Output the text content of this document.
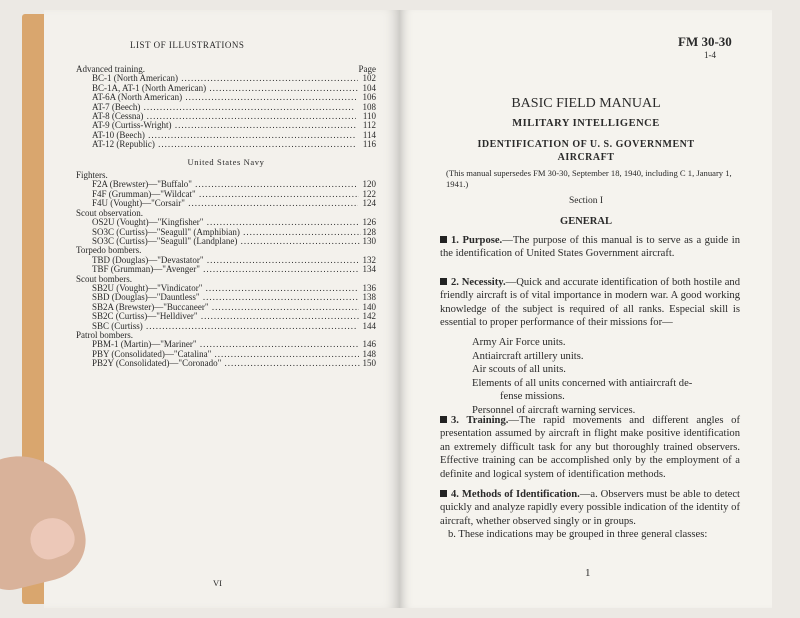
LIST OF ILLUSTRATIONS
Advanced training.	Page
BC-1 (North American) .....	102
BC-1A, AT-1 (North American) .....	104
AT-6A (North American) .....	106
AT-7 (Beech) .....	108
AT-8 (Cessna) .....	110
AT-9 (Curtiss-Wright) .....	112
AT-10 (Beech) .....	114
AT-12 (Republic) .....	116
United States Navy
Fighters.
F2A (Brewster)—"Buffalo" .....	120
F4F (Grumman)—"Wildcat" .....	122
F4U (Vought)—"Corsair" .....	124
Scout observation.
OS2U (Vought)—"Kingfisher" .....	126
SO3C (Curtiss)—"Seagull" (Amphibian) .....	128
SO3C (Curtiss)—"Seagull" (Landplane) .....	130
Torpedo bombers.
TBD (Douglas)—"Devastator" .....	132
TBF (Grumman)—"Avenger" .....	134
Scout bombers.
SB2U (Vought)—"Vindicator" .....	136
SBD (Douglas)—"Dauntless" .....	138
SB2A (Brewster)—"Buccaneer" .....	140
SB2C (Curtiss)—"Helldiver" .....	142
SBC (Curtiss) .....	144
Patrol bombers.
PBM-1 (Martin)—"Mariner" .....	146
PBY (Consolidated)—"Catalina" .....	148
PB2Y (Consolidated)—"Coronado" .....	150
VI
FM 30-30
1-4
BASIC FIELD MANUAL
MILITARY INTELLIGENCE
IDENTIFICATION OF U. S. GOVERNMENT AIRCRAFT
(This manual supersedes FM 30-30, September 18, 1940, including C 1, January 1, 1941.)
Section I
GENERAL
1. Purpose.—The purpose of this manual is to serve as a guide in the identification of United States Government aircraft.
2. Necessity.—Quick and accurate identification of both hostile and friendly aircraft is of vital importance in modern war. A good working knowledge of the subject is required of all ranks. Especial skill is essential to proper performance of their missions for—
Army Air Force units.
Antiaircraft artillery units.
Air scouts of all units.
Elements of all units concerned with antiaircraft de-
fense missions.
Personnel of aircraft warning services.
3. Training.—The rapid movements and different angles of presentation assumed by aircraft in flight make positive identification an extremely difficult task for any but thoroughly trained observers. Effective training can be accomplished only by the employment of a definite and logical system of identification methods.
4. Methods of Identification.—a. Observers must be able to detect quickly and analyze rapidly every possible indication of the identity of aircraft, whether observed singly or in groups.
b. These indications may be grouped in three general classes:
1
